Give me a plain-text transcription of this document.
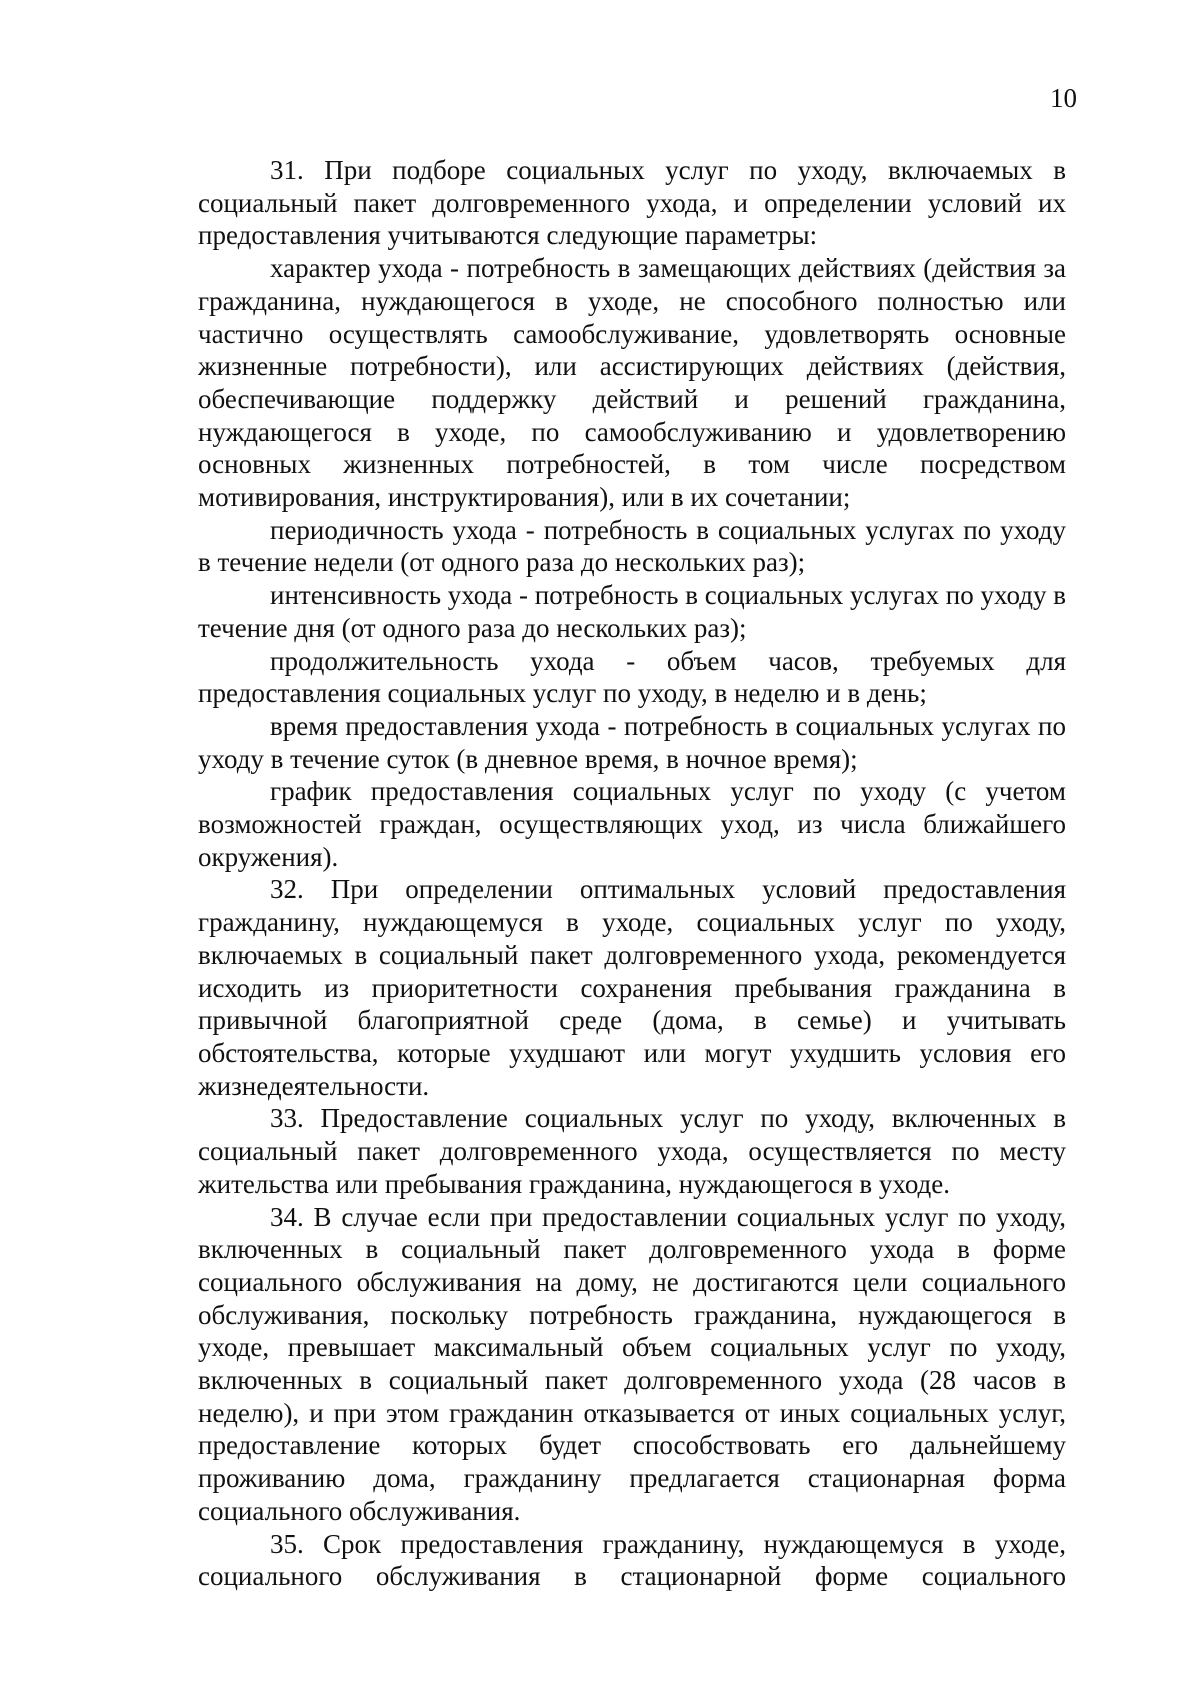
10

31. При подборе социальных услуг по уходу, включаемых в социальный пакет долговременного ухода, и определении условий их предоставления учитываются следующие параметры:

характер ухода - потребность в замещающих действиях (действия за гражданина, нуждающегося в уходе, не способного полностью или частично осуществлять самообслуживание, удовлетворять основные жизненные потребности), или ассистирующих действиях (действия, обеспечивающие поддержку действий и решений гражданина, нуждающегося в уходе, по самообслуживанию и удовлетворению основных жизненных потребностей, в том числе посредством мотивирования, инструктирования), или в их сочетании;

периодичность ухода - потребность в социальных услугах по уходу в течение недели (от одного раза до нескольких раз);

интенсивность ухода - потребность в социальных услугах по уходу в течение дня (от одного раза до нескольких раз);

продолжительность ухода - объем часов, требуемых для предоставления социальных услуг по уходу, в неделю и в день;

время предоставления ухода - потребность в социальных услугах по уходу в течение суток (в дневное время, в ночное время);

график предоставления социальных услуг по уходу (с учетом возможностей граждан, осуществляющих уход, из числа ближайшего окружения).

32. При определении оптимальных условий предоставления гражданину, нуждающемуся в уходе, социальных услуг по уходу, включаемых в социальный пакет долговременного ухода, рекомендуется исходить из приоритетности сохранения пребывания гражданина в привычной благоприятной среде (дома, в семье) и учитывать обстоятельства, которые ухудшают или могут ухудшить условия его жизнедеятельности.

33. Предоставление социальных услуг по уходу, включенных в социальный пакет долговременного ухода, осуществляется по месту жительства или пребывания гражданина, нуждающегося в уходе.

34. В случае если при предоставлении социальных услуг по уходу, включенных в социальный пакет долговременного ухода в форме социального обслуживания на дому, не достигаются цели социального обслуживания, поскольку потребность гражданина, нуждающегося в уходе, превышает максимальный объем социальных услуг по уходу, включенных в социальный пакет долговременного ухода (28 часов в неделю), и при этом гражданин отказывается от иных социальных услуг, предоставление которых будет способствовать его дальнейшему проживанию дома, гражданину предлагается стационарная форма социального обслуживания.

35. Срок предоставления гражданину, нуждающемуся в уходе, социального обслуживания в стационарной форме социального
